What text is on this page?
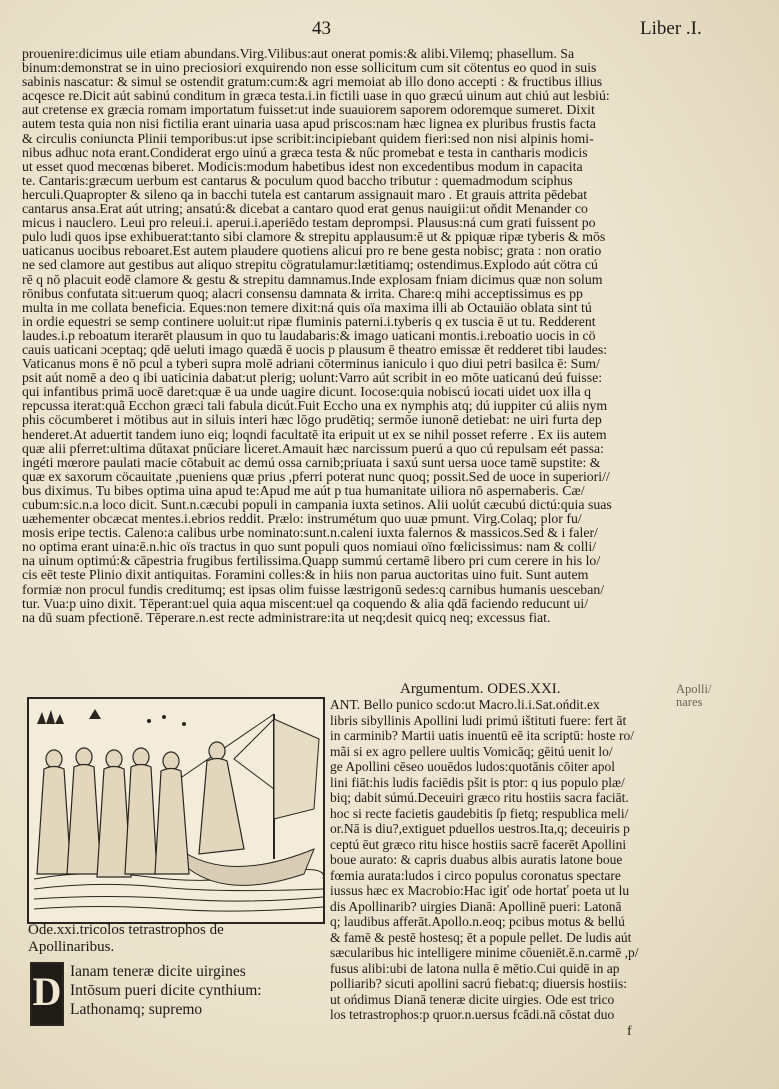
43	Liber .I.
prouenire:dicimus uile etiam abundans.Virg.Vilibus:aut onerat pomis:& alibi.Vilemq; phasellum. Sa
binum:demonstrat se in uino preciosiori exquirendo non esse sollicitum cum sit cötentus eo quod in suis
sabinis nascatur: & simul se ostendit gratum:cum:& agri memoiat ab illo dono accepti : & fructibus illius
acqesce re.Dicit aút sabinú conditum in græca testa.i.in fictili uase in quo græcú uinum aut chiú aut lesbiú:
aut cretense ex græcia romam importatum fuisset:ut inde suauiorem saporem odoremque sumeret. Dixit
autem testa quia non nisi fictilia erant uinaria uasa apud priscos:nam hæc lignea ex pluribus frustis facta
& circulis coniuncta Plinii temporibus:ut ipse scribit:incipiebant quidem fieri:sed non nisi alpinis homi-
nibus adhuc nota erant.Condiderat ergo uinú a græca testa & nűc promebat e testa in cantharis modicis
ut esset quod mecœnas biberet. Modicis:modum habetibus idest non excedentibus modum in capacita
te. Cantaris:græcum uerbum est cantarus & poculum quod baccho tributur : quemadmodum sciphus
herculi.Quapropter & sileno qa in bacchi tutela est cantarum assignauit maro . Et grauis attrita pēdebat
cantarus ansa.Erat aút utring; ansatú:& dicebat a cantaro quod erat genus nauigii:ut oňdit Menander co
micus i nauclero. Leui pro releui.i. aperui.i.aperiēdo testam deprompsi. Plausus:ná cum grati fuissent po
pulo ludi quos ipse exhibuerat:tanto sibi clamore & strepitu applausum:ē ut & ppiquæ ripæ tyberis & mōs
uaticanus uocibus reboaret.Est autem plaudere quotiens alicui pro re bene gesta nobisc; grata : non oratio
ne sed clamore aut gestibus aut aliquo strepitu cögratulamur:lætitiamq; ostendimus.Explodo aút cötra cú
rē q nō placuit eodē clamore & gestu & strepitu damnamus.Inde explosam fniam dicimus quæ non solum
rōnibus confutata sit:uerum quoq; alacri consensu damnata & irrita. Chare:q mihi acceptissimus es pp
multa in me collata beneficia. Eques:non temere dixit:ná quis oïa maxima illi ab Octauiäo oblata sint tú
in ordie equestri se semp continere uoluit:ut ripæ fluminis paterni.i.tyberis q ex tuscia ē ut tu. Redderent
laudes.i.p reboatum iterarēt plausum in quo tu laudabaris:& imago uaticani montis.i.reboatio uocis in cö
cauis uaticani ɔceptaq; qdē ueluti imago quædā ē uocis p plausum ē theatro emissæ ēt redderet tibi laudes:
Vaticanus mons ē nō pcul a tyberi supra molē adriani cōterminus ianiculo i quo diui petri basilca ē: Sum/
psit aút nomē a deo q ibi uaticinia dabat:ut plerig; uolunt:Varro aút scribit in eo mōte uaticanú deú fuisse:
qui infantibus primā uocē daret:quæ ē ua unde uagire dicunt. Iocose:quia nobiscú iocati uidet uox illa q
repcussa iterat:quã Ecchon græci tali fabula dicút.Fuit Eccho una ex nymphis atq; dú iuppiter cú aliis nym
phis cöcumberet i mötibus aut in siluis interi hæc lōgo prudētiq; sermōe iunonē detiebat: ne uiri furta dep
henderet.At aduertit tandem iuno eiq; loqndi facultatē ita eripuit ut ex se nihil posset referre . Ex iis autem
quæ alii pferret:ultima dűtaxat pnűciare liceret.Amauit hæc narcissum puerú a quo cú repulsam eét passa:
ingéti mœrore paulati macie cōtabuit ac demú ossa carnib;priuata i saxú sunt uersa uoce tamē supstite: &
quæ ex saxorum cöcauitate ,pueniens quæ prius ,pferri poterat nunc quoq; possit.Sed de uoce in superiori//
bus diximus. Tu bibes optima uina apud te:Apud me aút p tua humanitate uiliora nō aspernaberis. Cæ/
cubum:sic.n.a loco dicit. Sunt.n.cæcubi populi in campania iuxta setinos. Alii uolút cæcubú dictú:quia suas
uæhementer obcæcat mentes.i.ebrios reddit. Prælo: instrumétum quo uuæ pmunt. Virg.Colaq; plor fu/
mosis eripe tectis. Caleno:a calibus urbe nominato:sunt.n.caleni iuxta falernos & massicos.Sed & i faler/
no optima erant uina:ē.n.hic oïs tractus in quo sunt populi quos nomiaui oïno fœlicissimus: nam & colli/
na uinum optimú:& cāpestria frugibus fertilissima.Quapp summú certamē libero pri cum cerere in his lo/
cis eēt teste Plinio dixit antiquitas. Foramini colles:& in hiis non parua auctoritas uino fuit. Sunt autem
formiæ non procul fundis creditumq; est ipsas olim fuisse læstrigonū sedes:q carnibus humanis uesceban/
tur. Vua:p uino dixit. Tēperant:uel quia aqua miscent:uel qa coquendo & alia qdā faciendo reducunt ui/
na dū suam pfectionē. Tēperare.n.est recte administrare:ita ut neq;desit quicq neq; excessus fiat.
Apolli/
nares
Ode.xxi.tricolos tetrastrophos de
Apollinaribus.
D Ianam teneræ dicite uirgines
Intōsum pueri dicite cynthium:
Lathonamq; supremo
Argumentum. ODES.XXI.
ANT. Bello punico scdo:ut Macro.li.i.Sat.ońdit.ex
libris sibyllinis Apollini ludi primú ištituti fuere: fert āt
in carminib? Martii uatis inuentū eē ita scriptū: hoste ro/
mãi si ex agro pellere uultis Vomicāq; gēitú uenit lo/
ge Apollini cēseo uouēdos ludos:quotānis cōiter apol
lini fiāt:his ludis faciēdis pšit is ptor: q ius populo plæ/
biq; dabit súmú.Deceuiri græco ritu hostiis sacra faciāt.
hoc si recte facietis gaudebitis ſp fietq; respublica meli/
or.Nā is diu?,extiguet pduellos uestros.Ita,q; deceuiris p
ceptú ēut græco ritu hisce hostiis sacrē facerēt Apollini
boue aurato: & capris duabus albis auratis latone boue
fœmia aurata:ludos i circo populus coronatus spectare
iussus hæc ex Macrobio:Hac igiť ode hortať poeta ut lu
dis Apollinarib? uirgies Dianā: Apollinē pueri: Latonā
q; laudibus afferāt.Apollo.n.eoq; pcibus motus & bellú
& famē & pestē hostesq; ēt a popule pellet. De ludis aút
sæcularibus hic intelligere minime cōueniēt.ē.n.carmē ,p/
fusus alibi:ubi de latona nulla ē mētio.Cui quidē in ap
polliarib? sicuti apollini sacrú fiebat:q; diuersis hostiis:
ut ońdimus Dianā teneræ dicite uirgies. Ode est trico
los tetrastrophos:p qruor.n.uersus fcādi.nā cōstat duo
f
